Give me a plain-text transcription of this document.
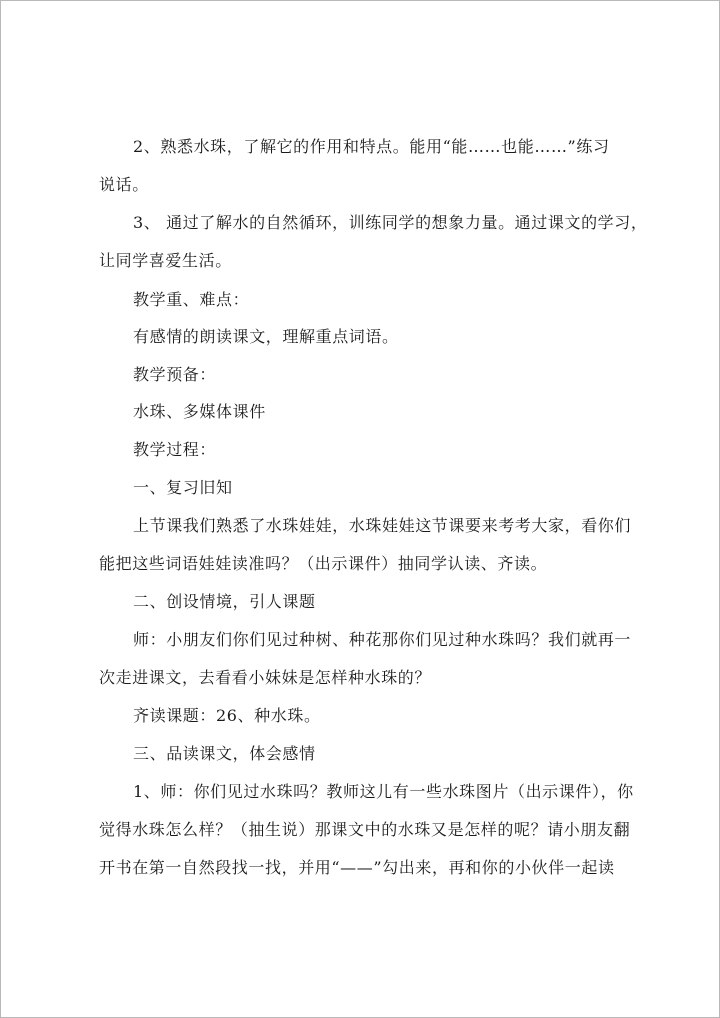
2、熟悉水珠，了解它的作用和特点。能用“能……也能……”练习
说话。
3、 通过了解水的自然循环，训练同学的想象力量。通过课文的学习，
让同学喜爱生活。
教学重、难点：
有感情的朗读课文，理解重点词语。
教学预备：
水珠、多媒体课件
教学过程：
一、复习旧知
上节课我们熟悉了水珠娃娃，水珠娃娃这节课要来考考大家，看你们
能把这些词语娃娃读准吗？（出示课件）抽同学认读、齐读。
二、创设情境，引人课题
师：小朋友们你们见过种树、种花那你们见过种水珠吗？我们就再一
次走进课文，去看看小妹妹是怎样种水珠的？
齐读课题：26、种水珠。
三、品读课文，体会感情
1、师：你们见过水珠吗？教师这儿有一些水珠图片（出示课件），你
觉得水珠怎么样？（抽生说）那课文中的水珠又是怎样的呢？请小朋友翻
开书在第一自然段找一找，并用“——”勾出来，再和你的小伙伴一起读
